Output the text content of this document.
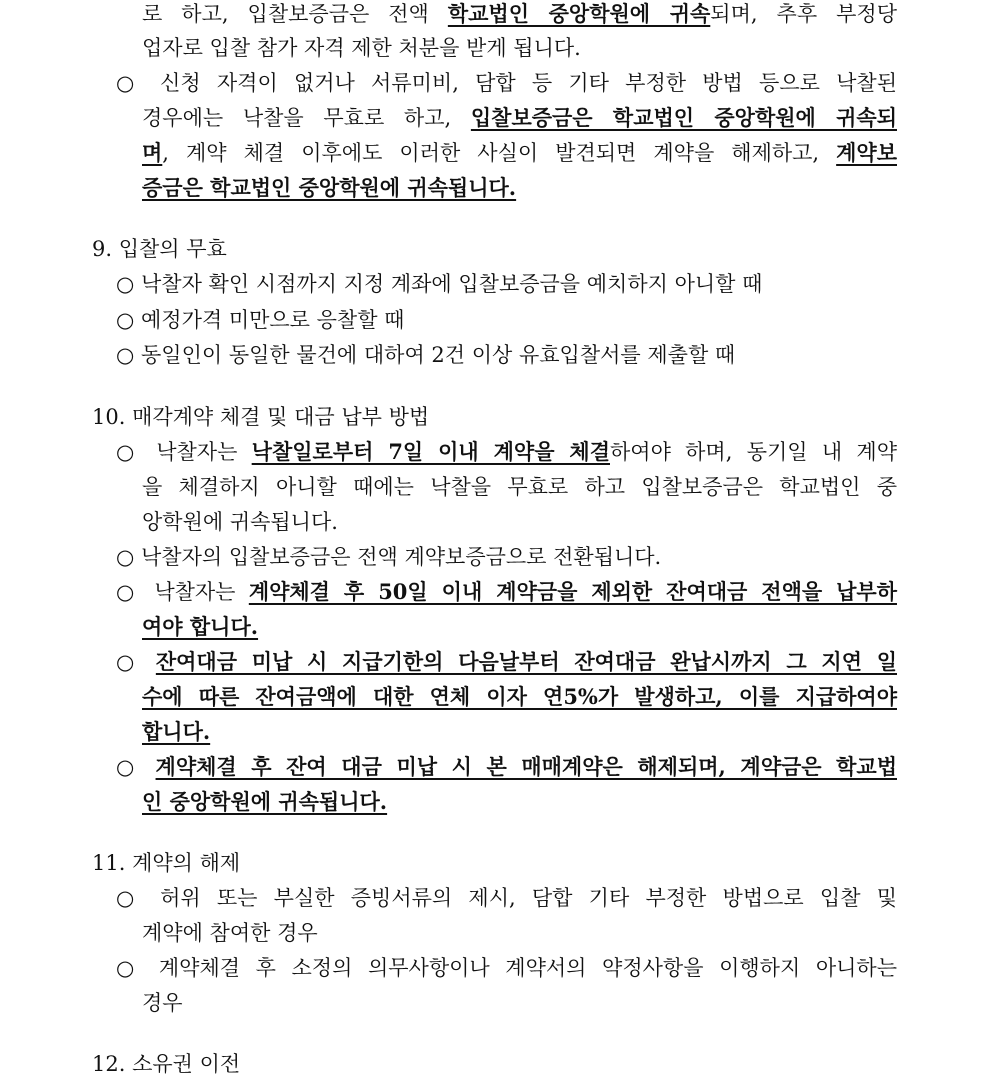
로 하고, 입찰보증금은 전액 학교법인 중앙학원에 귀속되며, 추후 부정당
업자로 입찰 참가 자격 제한 처분을 받게 됩니다.
○ 신청 자격이 없거나 서류미비, 담합 등 기타 부정한 방법 등으로 낙찰된
경우에는 낙찰을 무효로 하고, 입찰보증금은 학교법인 중앙학원에 귀속되
며, 계약 체결 이후에도 이러한 사실이 발견되면 계약을 해제하고, 계약보
증금은 학교법인 중앙학원에 귀속됩니다.
9. 입찰의 무효
○ 낙찰자 확인 시점까지 지정 계좌에 입찰보증금을 예치하지 아니할 때
○ 예정가격 미만으로 응찰할 때
○ 동일인이 동일한 물건에 대하여 2건 이상 유효입찰서를 제출할 때
10. 매각계약 체결 및 대금 납부 방법
○ 낙찰자는 낙찰일로부터 7일 이내 계약을 체결하여야 하며, 동기일 내 계약
을 체결하지 아니할 때에는 낙찰을 무효로 하고 입찰보증금은 학교법인 중
앙학원에 귀속됩니다.
○ 낙찰자의 입찰보증금은 전액 계약보증금으로 전환됩니다.
○ 낙찰자는 계약체결 후 50일 이내 계약금을 제외한 잔여대금 전액을 납부하
여야 합니다.
○ 잔여대금 미납 시 지급기한의 다음날부터 잔여대금 완납시까지 그 지연 일
수에 따른 잔여금액에 대한 연체 이자 연5%가 발생하고, 이를 지급하여야
합니다.
○ 계약체결 후 잔여 대금 미납 시 본 매매계약은 해제되며, 계약금은 학교법
인 중앙학원에 귀속됩니다.
11. 계약의 해제
○ 허위 또는 부실한 증빙서류의 제시, 담합 기타 부정한 방법으로 입찰 및
계약에 참여한 경우
○ 계약체결 후 소정의 의무사항이나 계약서의 약정사항을 이행하지 아니하는
경우
12. 소유권 이전
